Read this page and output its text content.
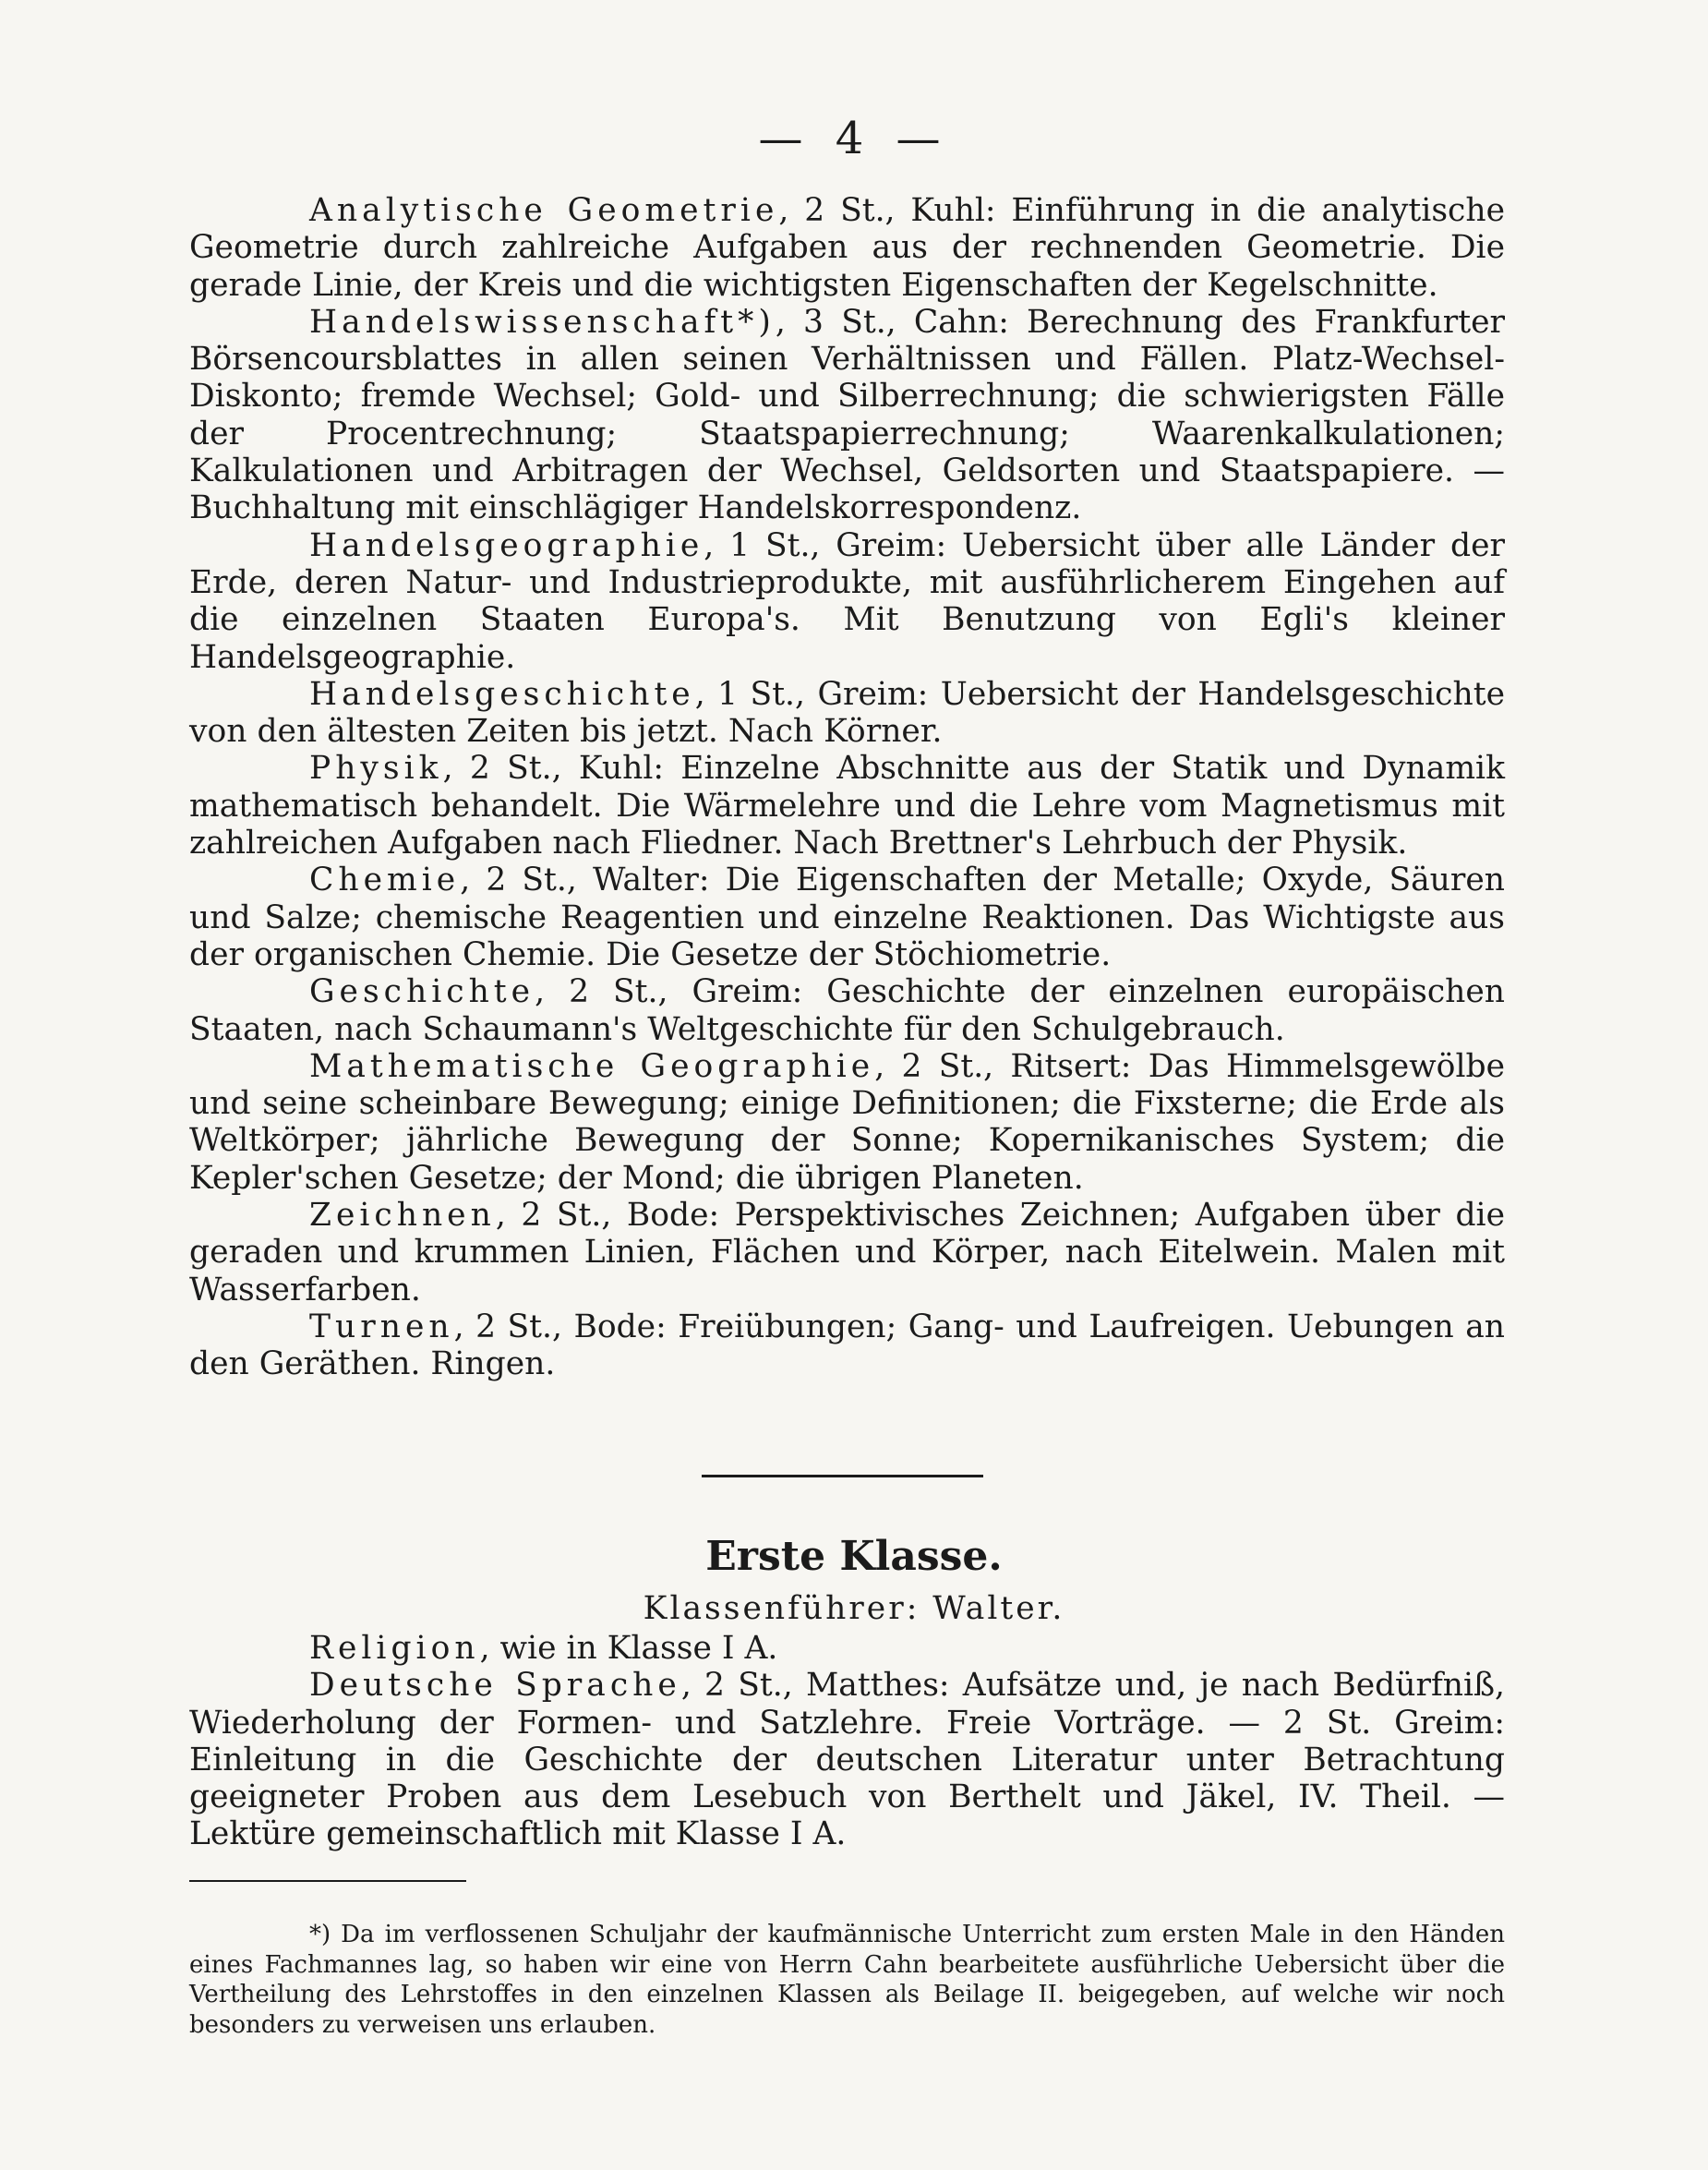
— 4 —

Analytische Geometrie, 2 St., Kuhl: Einführung in die analytische Geometrie durch zahlreiche Aufgaben aus der rechnenden Geometrie. Die gerade Linie, der Kreis und die wichtigsten Eigenschaften der Kegelschnitte.

Handelswissenschaft*), 3 St., Cahn: Berechnung des Frankfurter Börsencoursblattes in allen seinen Verhältnissen und Fällen. Platz-Wechsel-Diskonto; fremde Wechsel; Gold- und Silberrechnung; die schwierigsten Fälle der Procentrechnung; Staatspapierrechnung; Waarenkalkulationen; Kalkulationen und Arbitragen der Wechsel, Geldsorten und Staatspapiere. — Buchhaltung mit einschlägiger Handelskorrespondenz.

Handelsgeographie, 1 St., Greim: Uebersicht über alle Länder der Erde, deren Natur- und Industrieprodukte, mit ausführlicherem Eingehen auf die einzelnen Staaten Europa's. Mit Benutzung von Egli's kleiner Handelsgeographie.

Handelsgeschichte, 1 St., Greim: Uebersicht der Handelsgeschichte von den ältesten Zeiten bis jetzt. Nach Körner.

Physik, 2 St., Kuhl: Einzelne Abschnitte aus der Statik und Dynamik mathematisch behandelt. Die Wärmelehre und die Lehre vom Magnetismus mit zahlreichen Aufgaben nach Fliedner. Nach Brettner's Lehrbuch der Physik.

Chemie, 2 St., Walter: Die Eigenschaften der Metalle; Oxyde, Säuren und Salze; chemische Reagentien und einzelne Reaktionen. Das Wichtigste aus der organischen Chemie. Die Gesetze der Stöchiometrie.

Geschichte, 2 St., Greim: Geschichte der einzelnen europäischen Staaten, nach Schaumann's Weltgeschichte für den Schulgebrauch.

Mathematische Geographie, 2 St., Ritsert: Das Himmelsgewölbe und seine scheinbare Bewegung; einige Definitionen; die Fixsterne; die Erde als Weltkörper; jährliche Bewegung der Sonne; Kopernikanisches System; die Kepler'schen Gesetze; der Mond; die übrigen Planeten.

Zeichnen, 2 St., Bode: Perspektivisches Zeichnen; Aufgaben über die geraden und krummen Linien, Flächen und Körper, nach Eitelwein. Malen mit Wasserfarben.

Turnen, 2 St., Bode: Freiübungen; Gang- und Laufreigen. Uebungen an den Geräthen. Ringen.

Erste Klasse.
Klassenführer: Walter.

Religion, wie in Klasse I A.

Deutsche Sprache, 2 St., Matthes: Aufsätze und, je nach Bedürfniß, Wiederholung der Formen- und Satzlehre. Freie Vorträge. — 2 St. Greim: Einleitung in die Geschichte der deutschen Literatur unter Betrachtung geeigneter Proben aus dem Lesebuch von Berthelt und Jäkel, IV. Theil. — Lektüre gemeinschaftlich mit Klasse I A.

*) Da im verflossenen Schuljahr der kaufmännische Unterricht zum ersten Male in den Händen eines Fachmannes lag, so haben wir eine von Herrn Cahn bearbeitete ausführliche Uebersicht über die Vertheilung des Lehrstoffes in den einzelnen Klassen als Beilage II. beigegeben, auf welche wir noch besonders zu verweisen uns erlauben.
